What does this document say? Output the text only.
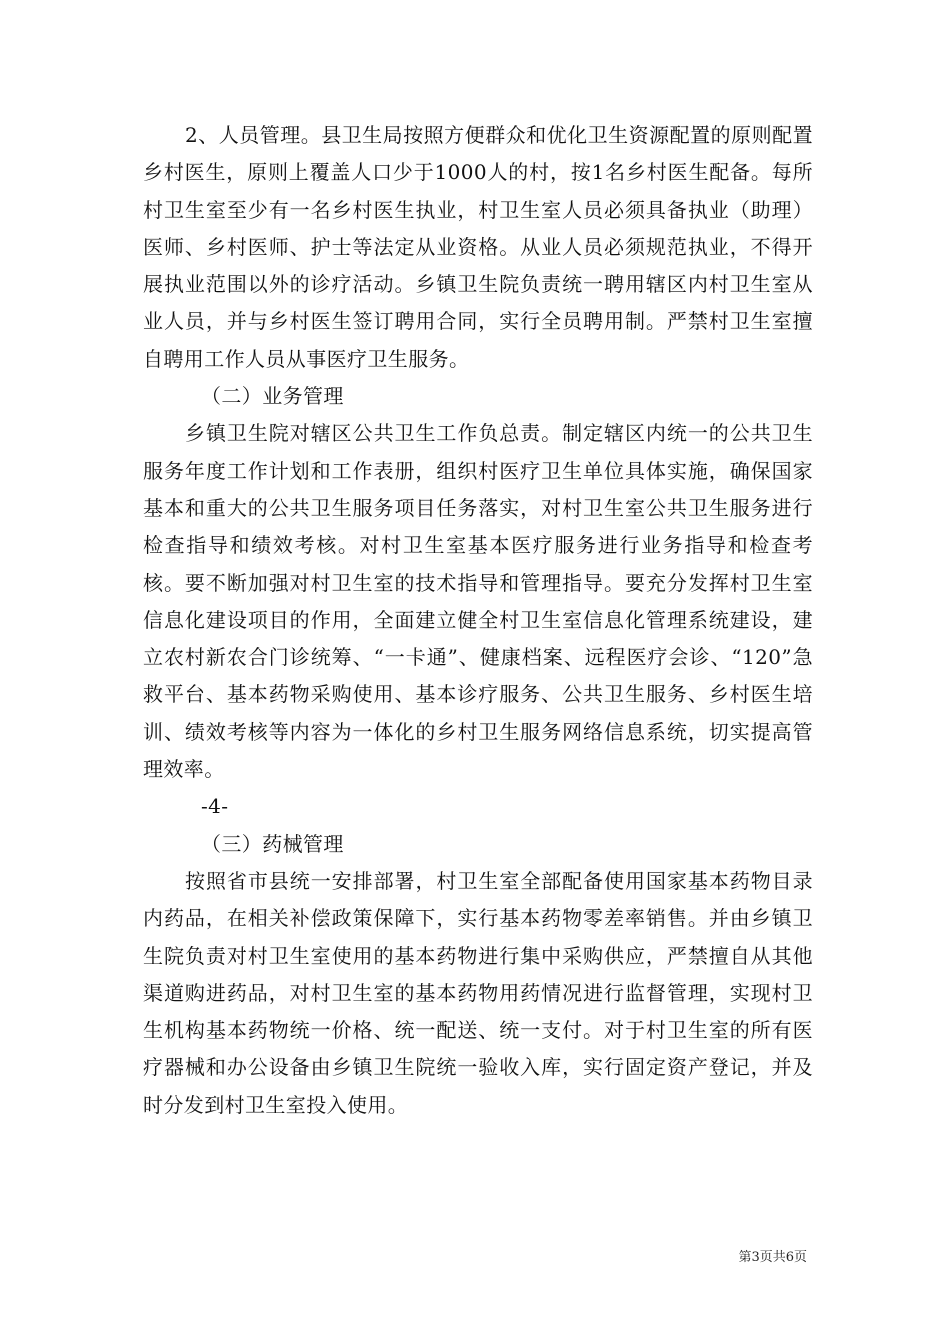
2、人员管理。县卫生局按照方便群众和优化卫生资源配置的原则配置乡村医生，原则上覆盖人口少于1000人的村，按1名乡村医生配备。每所村卫生室至少有一名乡村医生执业，村卫生室人员必须具备执业（助理）医师、乡村医师、护士等法定从业资格。从业人员必须规范执业，不得开展执业范围以外的诊疗活动。乡镇卫生院负责统一聘用辖区内村卫生室从业人员，并与乡村医生签订聘用合同，实行全员聘用制。严禁村卫生室擅自聘用工作人员从事医疗卫生服务。

（二）业务管理

乡镇卫生院对辖区公共卫生工作负总责。制定辖区内统一的公共卫生服务年度工作计划和工作表册，组织村医疗卫生单位具体实施，确保国家基本和重大的公共卫生服务项目任务落实，对村卫生室公共卫生服务进行检查指导和绩效考核。对村卫生室基本医疗服务进行业务指导和检查考核。要不断加强对村卫生室的技术指导和管理指导。要充分发挥村卫生室信息化建设项目的作用，全面建立健全村卫生室信息化管理系统建设，建立农村新农合门诊统筹、“一卡通”、健康档案、远程医疗会诊、“120”急救平台、基本药物采购使用、基本诊疗服务、公共卫生服务、乡村医生培训、绩效考核等内容为一体化的乡村卫生服务网络信息系统，切实提高管理效率。

-4-

（三）药械管理

按照省市县统一安排部署，村卫生室全部配备使用国家基本药物目录内药品，在相关补偿政策保障下，实行基本药物零差率销售。并由乡镇卫生院负责对村卫生室使用的基本药物进行集中采购供应，严禁擅自从其他渠道购进药品，对村卫生室的基本药物用药情况进行监督管理，实现村卫生机构基本药物统一价格、统一配送、统一支付。对于村卫生室的所有医疗器械和办公设备由乡镇卫生院统一验收入库，实行固定资产登记，并及时分发到村卫生室投入使用。

第3页共6页
